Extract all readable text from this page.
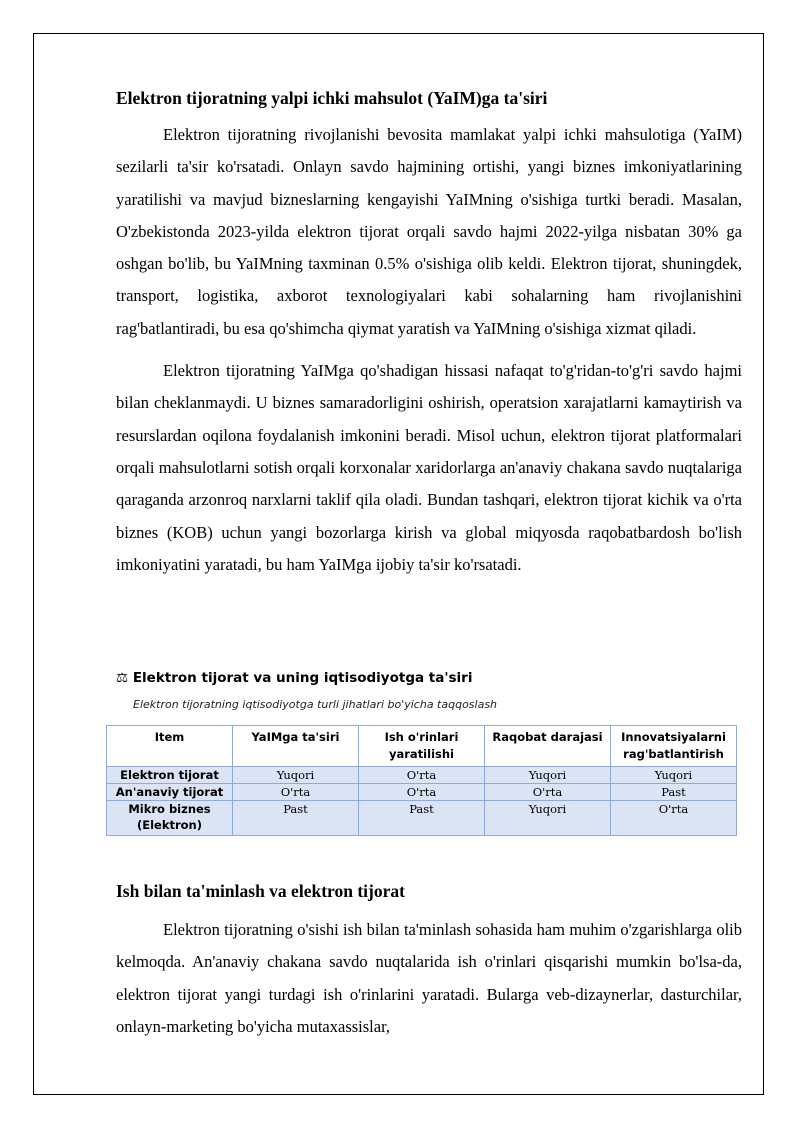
Elektron tijoratning yalpi ichki mahsulot (YaIM)ga ta'siri

Elektron tijoratning rivojlanishi bevosita mamlakat yalpi ichki mahsulotiga (YaIM) sezilarli ta'sir ko'rsatadi. Onlayn savdo hajmining ortishi, yangi biznes imkoniyatlarining yaratilishi va mavjud bizneslarning kengayishi YaIMning o'sishiga turtki beradi. Masalan, O'zbekistonda 2023-yilda elektron tijorat orqali savdo hajmi 2022-yilga nisbatan 30% ga oshgan bo'lib, bu YaIMning taxminan 0.5% o'sishiga olib keldi. Elektron tijorat, shuningdek, transport, logistika, axborot texnologiyalari kabi sohalarning ham rivojlanishini rag'batlantiradi, bu esa qo'shimcha qiymat yaratish va YaIMning o'sishiga xizmat qiladi.

Elektron tijoratning YaIMga qo'shadigan hissasi nafaqat to'g'ridan-to'g'ri savdo hajmi bilan cheklanmaydi. U biznes samaradorligini oshirish, operatsion xarajatlarni kamaytirish va resurslardan oqilona foydalanish imkonini beradi. Misol uchun, elektron tijorat platformalari orqali mahsulotlarni sotish orqali korxonalar xaridorlarga an'anaviy chakana savdo nuqtalariga qaraganda arzonroq narxlarni taklif qila oladi. Bundan tashqari, elektron tijorat kichik va o'rta biznes (KOB) uchun yangi bozorlarga kirish va global miqyosda raqobatbardosh bo'lish imkoniyatini yaratadi, bu ham YaIMga ijobiy ta'sir ko'rsatadi.

⚖ Elektron tijorat va uning iqtisodiyotga ta'siri
Elektron tijoratning iqtisodiyotga turli jihatlari bo'yicha taqqoslash
Item	YaIMga ta'siri	Ish o'rinlari yaratilishi	Raqobat darajasi	Innovatsiyalarni rag'batlantirish
Elektron tijorat	Yuqori	O'rta	Yuqori	Yuqori
An'anaviy tijorat	O'rta	O'rta	O'rta	Past
Mikro biznes (Elektron)	Past	Past	Yuqori	O'rta
Ish bilan ta'minlash va elektron tijorat

Elektron tijoratning o'sishi ish bilan ta'minlash sohasida ham muhim o'zgarishlarga olib kelmoqda. An'anaviy chakana savdo nuqtalarida ish o'rinlari qisqarishi mumkin bo'lsa-da, elektron tijorat yangi turdagi ish o'rinlarini yaratadi. Bularga veb-dizaynerlar, dasturchilar, onlayn-marketing bo'yicha mutaxassislar,
